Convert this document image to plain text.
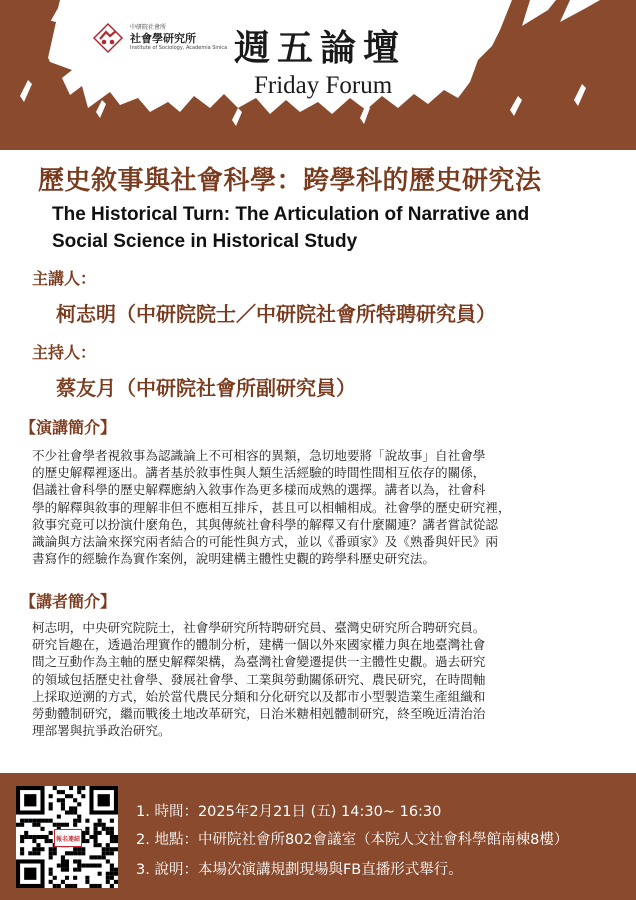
中研院社會所
社會學研究所
Institute of Sociology, Academia Sinica 週五論壇
Friday Forum
歷史敘事與社會科學：跨學科的歷史研究法
The Historical Turn: The Articulation of Narrative and
Social Science in Historical Study
主講人：
柯志明（中研院院士／中研院社會所特聘研究員）
主持人：
蔡友月（中研院社會所副研究員）
【演講簡介】
不少社會學者視敘事為認識論上不可相容的異類，急切地要將「說故事」自社會學
的歷史解釋裡逐出。講者基於敘事性與人類生活經驗的時間性間相互依存的關係，
倡議社會科學的歷史解釋應納入敘事作為更多樣而成熟的選擇。講者以為，社會科
學的解釋與敘事的理解非但不應相互排斥，甚且可以相輔相成。社會學的歷史研究裡，
敘事究竟可以扮演什麼角色，其與傳統社會科學的解釋又有什麼關連？講者嘗試從認
識論與方法論來探究兩者結合的可能性與方式，並以《番頭家》及《熟番與奸民》兩
書寫作的經驗作為實作案例，說明建構主體性史觀的跨學科歷史研究法。
【講者簡介】
柯志明，中央研究院院士，社會學研究所特聘研究員、臺灣史研究所合聘研究員。
研究旨趣在，透過治理實作的體制分析，建構一個以外來國家權力與在地臺灣社會
間之互動作為主軸的歷史解釋架構，為臺灣社會變遷提供一主體性史觀。過去研究
的領域包括歷史社會學、發展社會學、工業與勞動關係研究、農民研究，在時間軸
上採取逆溯的方式，始於當代農民分類和分化研究以及都市小型製造業生產組織和
勞動體制研究，繼而戰後土地改革研究，日治米糖相剋體制研究，終至晚近清治治
理部署與抗爭政治研究。
報名連結
1. 時間：2025年2月21日 (五) 14:30~ 16:30
2. 地點：中研院社會所802會議室（本院人文社會科學館南棟8樓）
3. 說明：本場次演講規劃現場與FB直播形式舉行。
